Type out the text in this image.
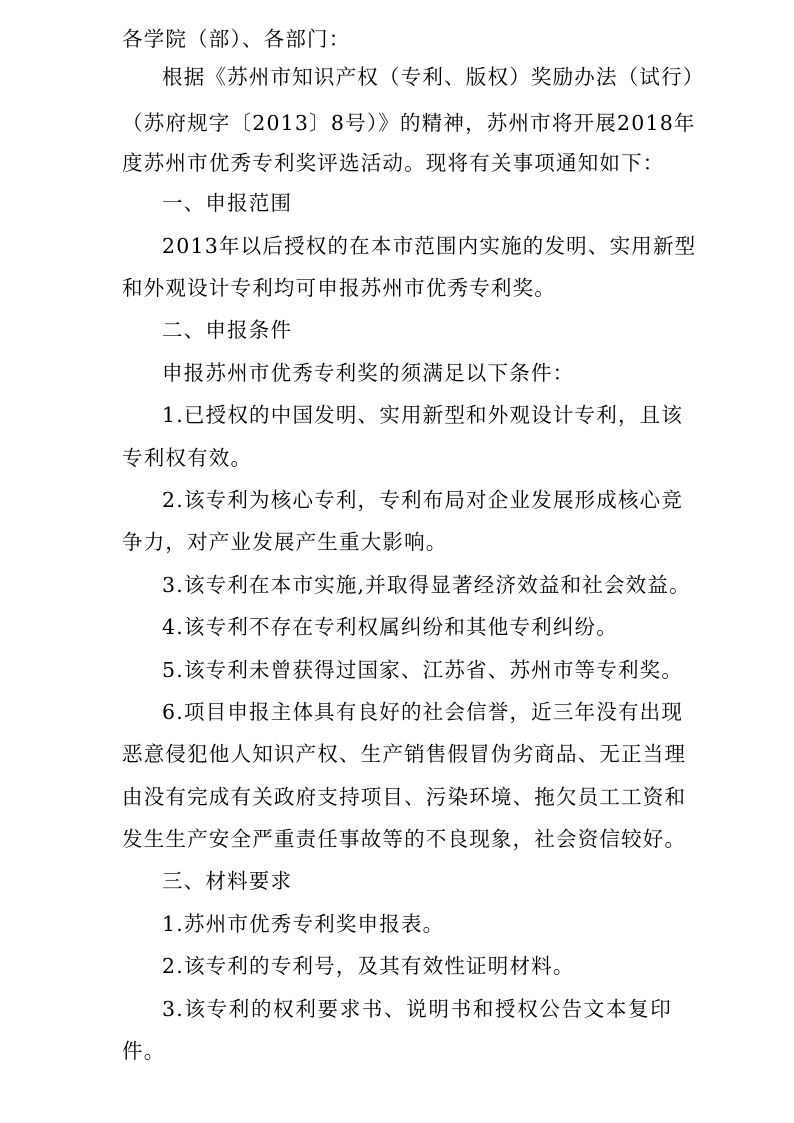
各学院（部）、各部门：
根据《苏州市知识产权（专利、版权）奖励办法（试行）
（苏府规字〔2013〕8号）》的精神，苏州市将开展2018年
度苏州市优秀专利奖评选活动。现将有关事项通知如下：
一、申报范围
2013年以后授权的在本市范围内实施的发明、实用新型
和外观设计专利均可申报苏州市优秀专利奖。
二、申报条件
申报苏州市优秀专利奖的须满足以下条件：
1.已授权的中国发明、实用新型和外观设计专利，且该
专利权有效。
2.该专利为核心专利，专利布局对企业发展形成核心竞
争力，对产业发展产生重大影响。
3.该专利在本市实施,并取得显著经济效益和社会效益。
4.该专利不存在专利权属纠纷和其他专利纠纷。
5.该专利未曾获得过国家、江苏省、苏州市等专利奖。
6.项目申报主体具有良好的社会信誉，近三年没有出现
恶意侵犯他人知识产权、生产销售假冒伪劣商品、无正当理
由没有完成有关政府支持项目、污染环境、拖欠员工工资和
发生生产安全严重责任事故等的不良现象，社会资信较好。
三、材料要求
1.苏州市优秀专利奖申报表。
2.该专利的专利号，及其有效性证明材料。
3.该专利的权利要求书、说明书和授权公告文本复印
件。
